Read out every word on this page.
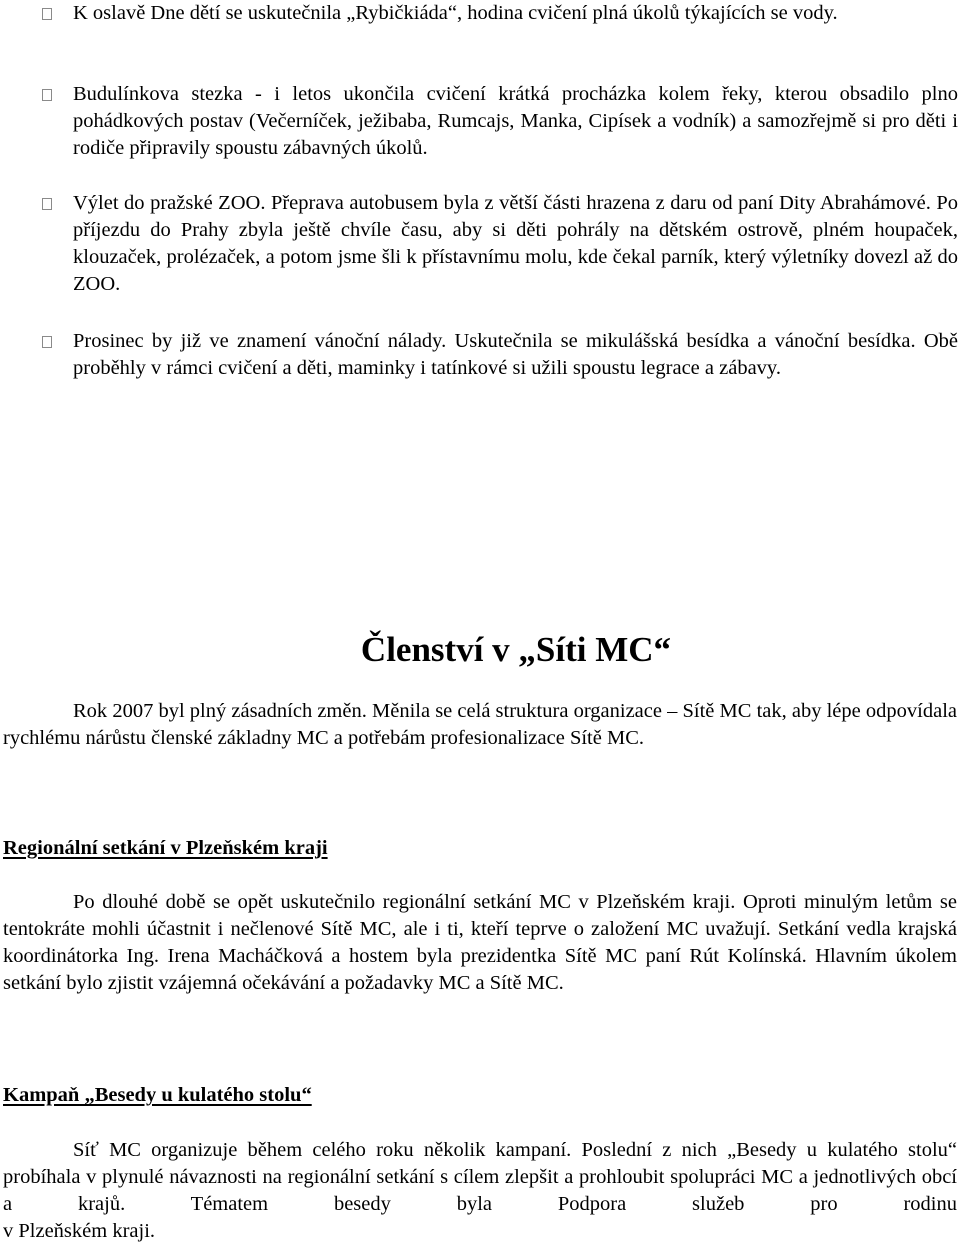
K oslavě Dne dětí se uskutečnila „Rybičkiáda“, hodina cvičení plná úkolů týkajících se vody.

Budulínkova stezka - i letos ukončila cvičení krátká procházka kolem řeky, kterou obsadilo plno pohádkových postav (Večerníček, ježibaba, Rumcajs, Manka, Cipísek a vodník) a samozřejmě si pro děti i rodiče připravily spoustu zábavných úkolů.

Výlet do pražské ZOO. Přeprava autobusem byla z větší části hrazena z daru od paní Dity Abrahámové. Po příjezdu do Prahy zbyla ještě chvíle času, aby si děti pohrály na dětském ostrově, plném houpaček, klouzaček, prolézaček, a potom jsme šli k přístavnímu molu, kde čekal parník, který výletníky dovezl až do ZOO.

Prosinec by již ve znamení vánoční nálady. Uskutečnila se mikulášská besídka a vánoční besídka. Obě proběhly v rámci cvičení a děti, maminky i tatínkové si užili spoustu legrace a zábavy.

Členství v „Síti MC“

Rok 2007 byl plný zásadních změn. Měnila se celá struktura organizace – Sítě MC tak, aby lépe odpovídala rychlému nárůstu členské základny MC a potřebám profesionalizace Sítě MC.

Regionální setkání v Plzeňském kraji

Po dlouhé době se opět uskutečnilo regionální setkání MC v Plzeňském kraji. Oproti minulým letům se tentokráte mohli účastnit i nečlenové Sítě MC, ale i ti, kteří teprve o založení MC uvažují. Setkání vedla krajská koordinátorka Ing. Irena Macháčková a hostem byla prezidentka Sítě MC paní Rút Kolínská. Hlavním úkolem setkání bylo zjistit vzájemná očekávání a požadavky MC a Sítě MC.

Kampaň „Besedy u kulatého stolu“

Síť MC organizuje během celého roku několik kampaní. Poslední z nich „Besedy u kulatého stolu“ probíhala v plynulé návaznosti na regionální setkání s cílem zlepšit a prohloubit spolupráci MC a jednotlivých obcí a krajů. Tématem besedy byla Podpora služeb pro rodinu

v Plzeňském kraji.
